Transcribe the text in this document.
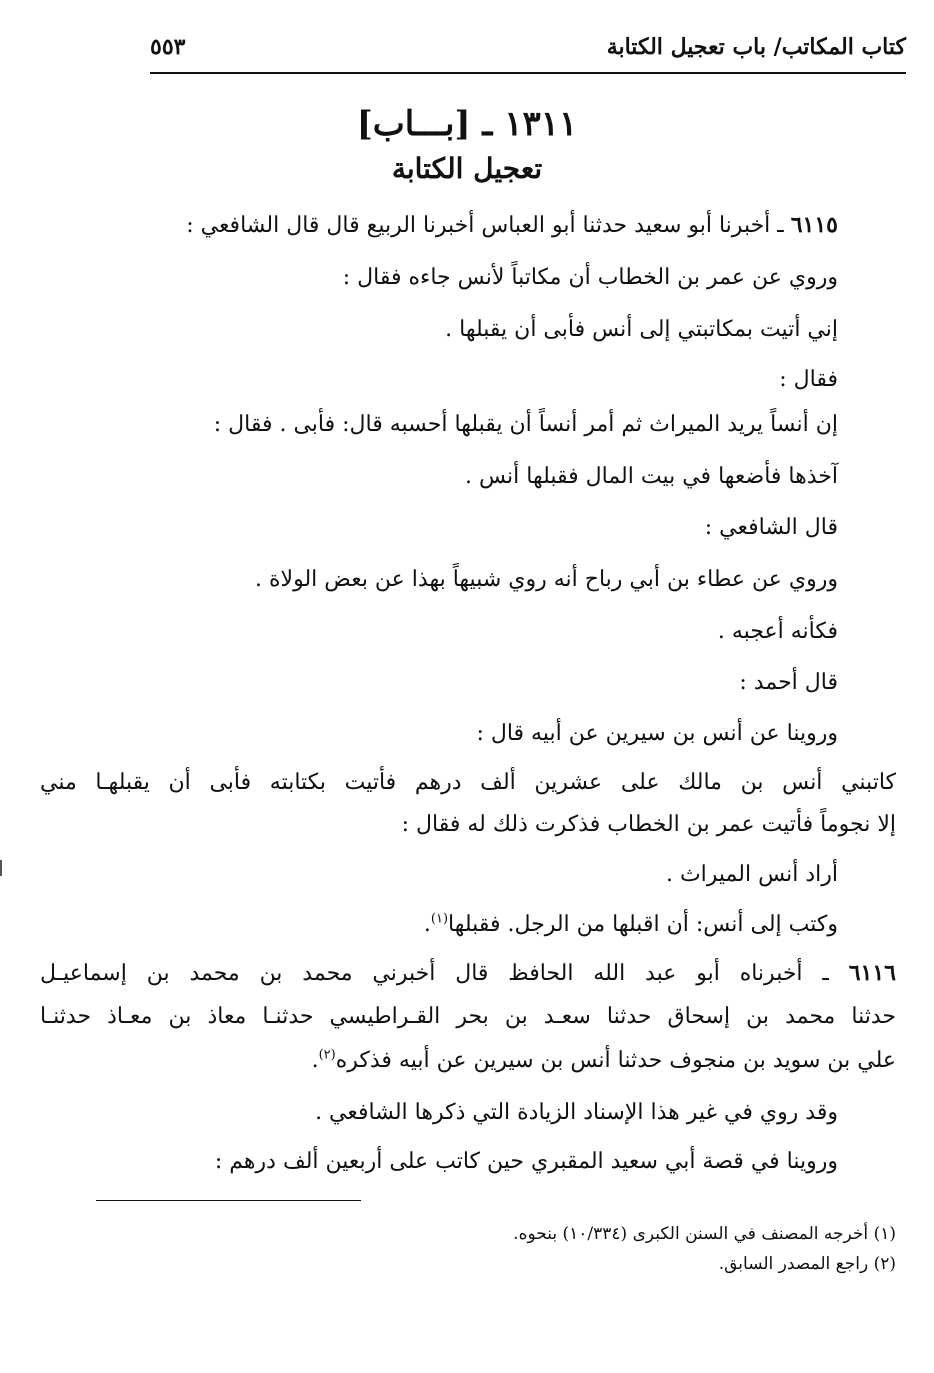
كتاب المكاتب/ باب تعجيل الكتابة
٥٥٣
١٣١١ ـ [بـــاب]
تعجيل الكتابة
٦١١٥ ـ أخبرنا أبو سعيد حدثنا أبو العباس أخبرنا الربيع قال قال الشافعي :
وروي عن عمر بن الخطاب أن مكاتباً لأنس جاءه فقال :
إني أتيت بمكاتبتي إلى أنس فأبى أن يقبلها .
فقال :
إن أنساً يريد الميراث ثم أمر أنساً أن يقبلها أحسبه قال: فأبى . فقال :
آخذها فأضعها في بيت المال فقبلها أنس .
قال الشافعي :
وروي عن عطاء بن أبي رباح أنه روي شبيهاً بهذا عن بعض الولاة .
فكأنه أعجبه .
قال أحمد :
وروينا عن أنس بن سيرين عن أبيه قال :
كاتبني أنس بن مالك على عشرين ألف درهم فأتيت بكتابته فأبى أن يقبلهـا مني
إلا نجوماً فأتيت عمر بن الخطاب فذكرت ذلك له فقال :
أراد أنس الميراث .
وكتب إلى أنس: أن اقبلها من الرجل. فقبلها$^{(١)}$.
٦١١٦ ـ أخبرناه أبو عبد الله الحافظ قال أخبرني محمد بن محمد بن إسماعيـل
حدثنا محمد بن إسحاق حدثنا سعـد بن بحر القـراطيسي حدثنـا معاذ بن معـاذ حدثنـا
علي بن سويد بن منجوف حدثنا أنس بن سيرين عن أبيه فذكره$^{(٢)}$.
وقد روي في غير هذا الإسناد الزيادة التي ذكرها الشافعي .
وروينا في قصة أبي سعيد المقبري حين كاتب على أربعين ألف درهم :
(١) أخرجه المصنف في السنن الكبرى (١٠/٣٣٤) بنحوه.
(٢) راجع المصدر السابق.
